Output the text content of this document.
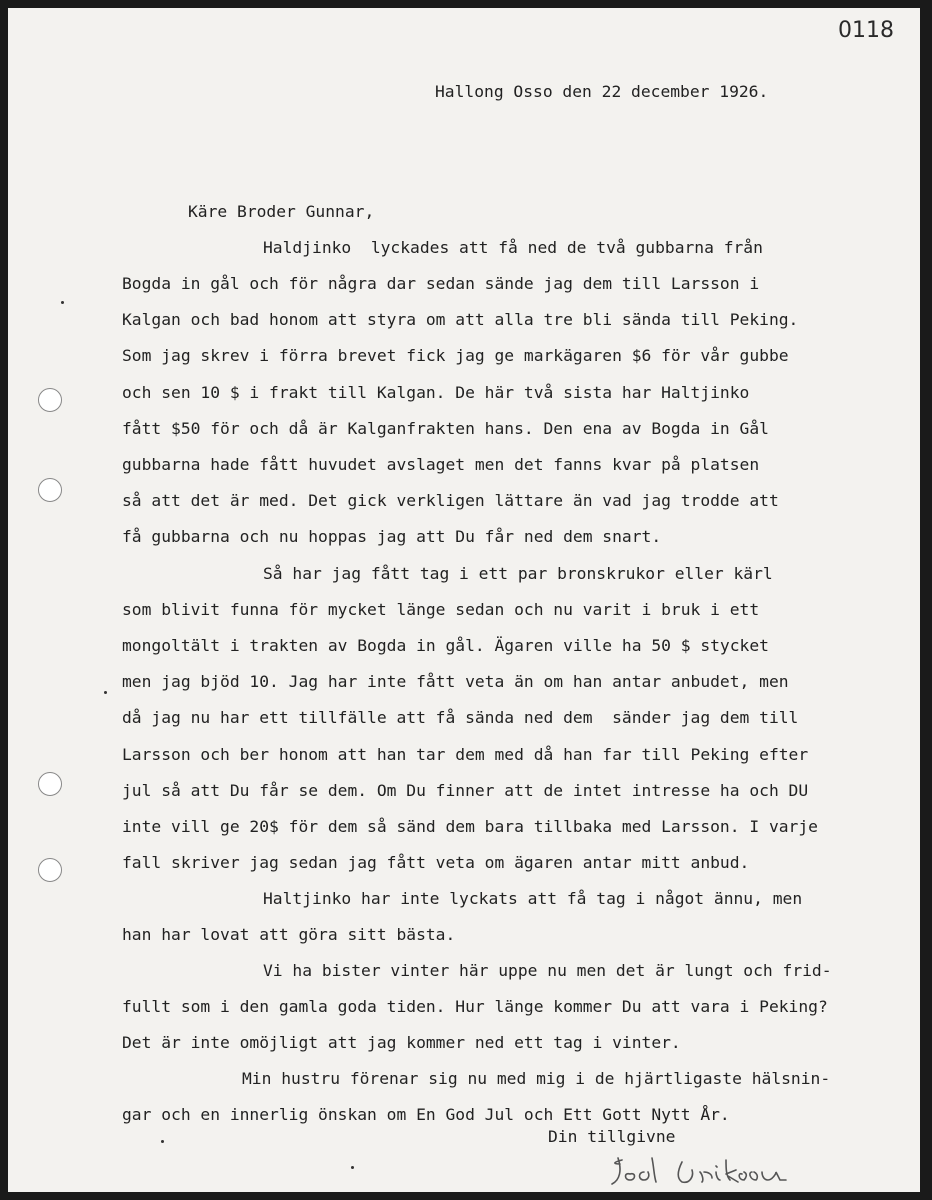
0118
Hallong Osso den 22 december 1926.
Käre Broder Gunnar,
Haldjinko  lyckades att få ned de två gubbarna från
Bogda in gål och för några dar sedan sände jag dem till Larsson i
Kalgan och bad honom att styra om att alla tre bli sända till Peking.
Som jag skrev i förra brevet fick jag ge markägaren $6 för vår gubbe
och sen 10 $ i frakt till Kalgan. De här två sista har Haltjinko
fått $50 för och då är Kalganfrakten hans. Den ena av Bogda in Gål
gubbarna hade fått huvudet avslaget men det fanns kvar på platsen
så att det är med. Det gick verkligen lättare än vad jag trodde att
få gubbarna och nu hoppas jag att Du får ned dem snart.
Så har jag fått tag i ett par bronskrukor eller kärl
som blivit funna för mycket länge sedan och nu varit i bruk i ett
mongoltält i trakten av Bogda in gål. Ägaren ville ha 50 $ stycket
men jag bjöd 10. Jag har inte fått veta än om han antar anbudet, men
då jag nu har ett tillfälle att få sända ned dem  sänder jag dem till
Larsson och ber honom att han tar dem med då han far till Peking efter
jul så att Du får se dem. Om Du finner att de intet intresse ha och DU
inte vill ge 20$ för dem så sänd dem bara tillbaka med Larsson. I varje
fall skriver jag sedan jag fått veta om ägaren antar mitt anbud.
Haltjinko har inte lyckats att få tag i något ännu, men
han har lovat att göra sitt bästa.
Vi ha bister vinter här uppe nu men det är lungt och frid-
fullt som i den gamla goda tiden. Hur länge kommer Du att vara i Peking?
Det är inte omöjligt att jag kommer ned ett tag i vinter.
Min hustru förenar sig nu med mig i de hjärtligaste hälsnin-
gar och en innerlig önskan om En God Jul och Ett Gott Nytt År.
Din tillgivne
